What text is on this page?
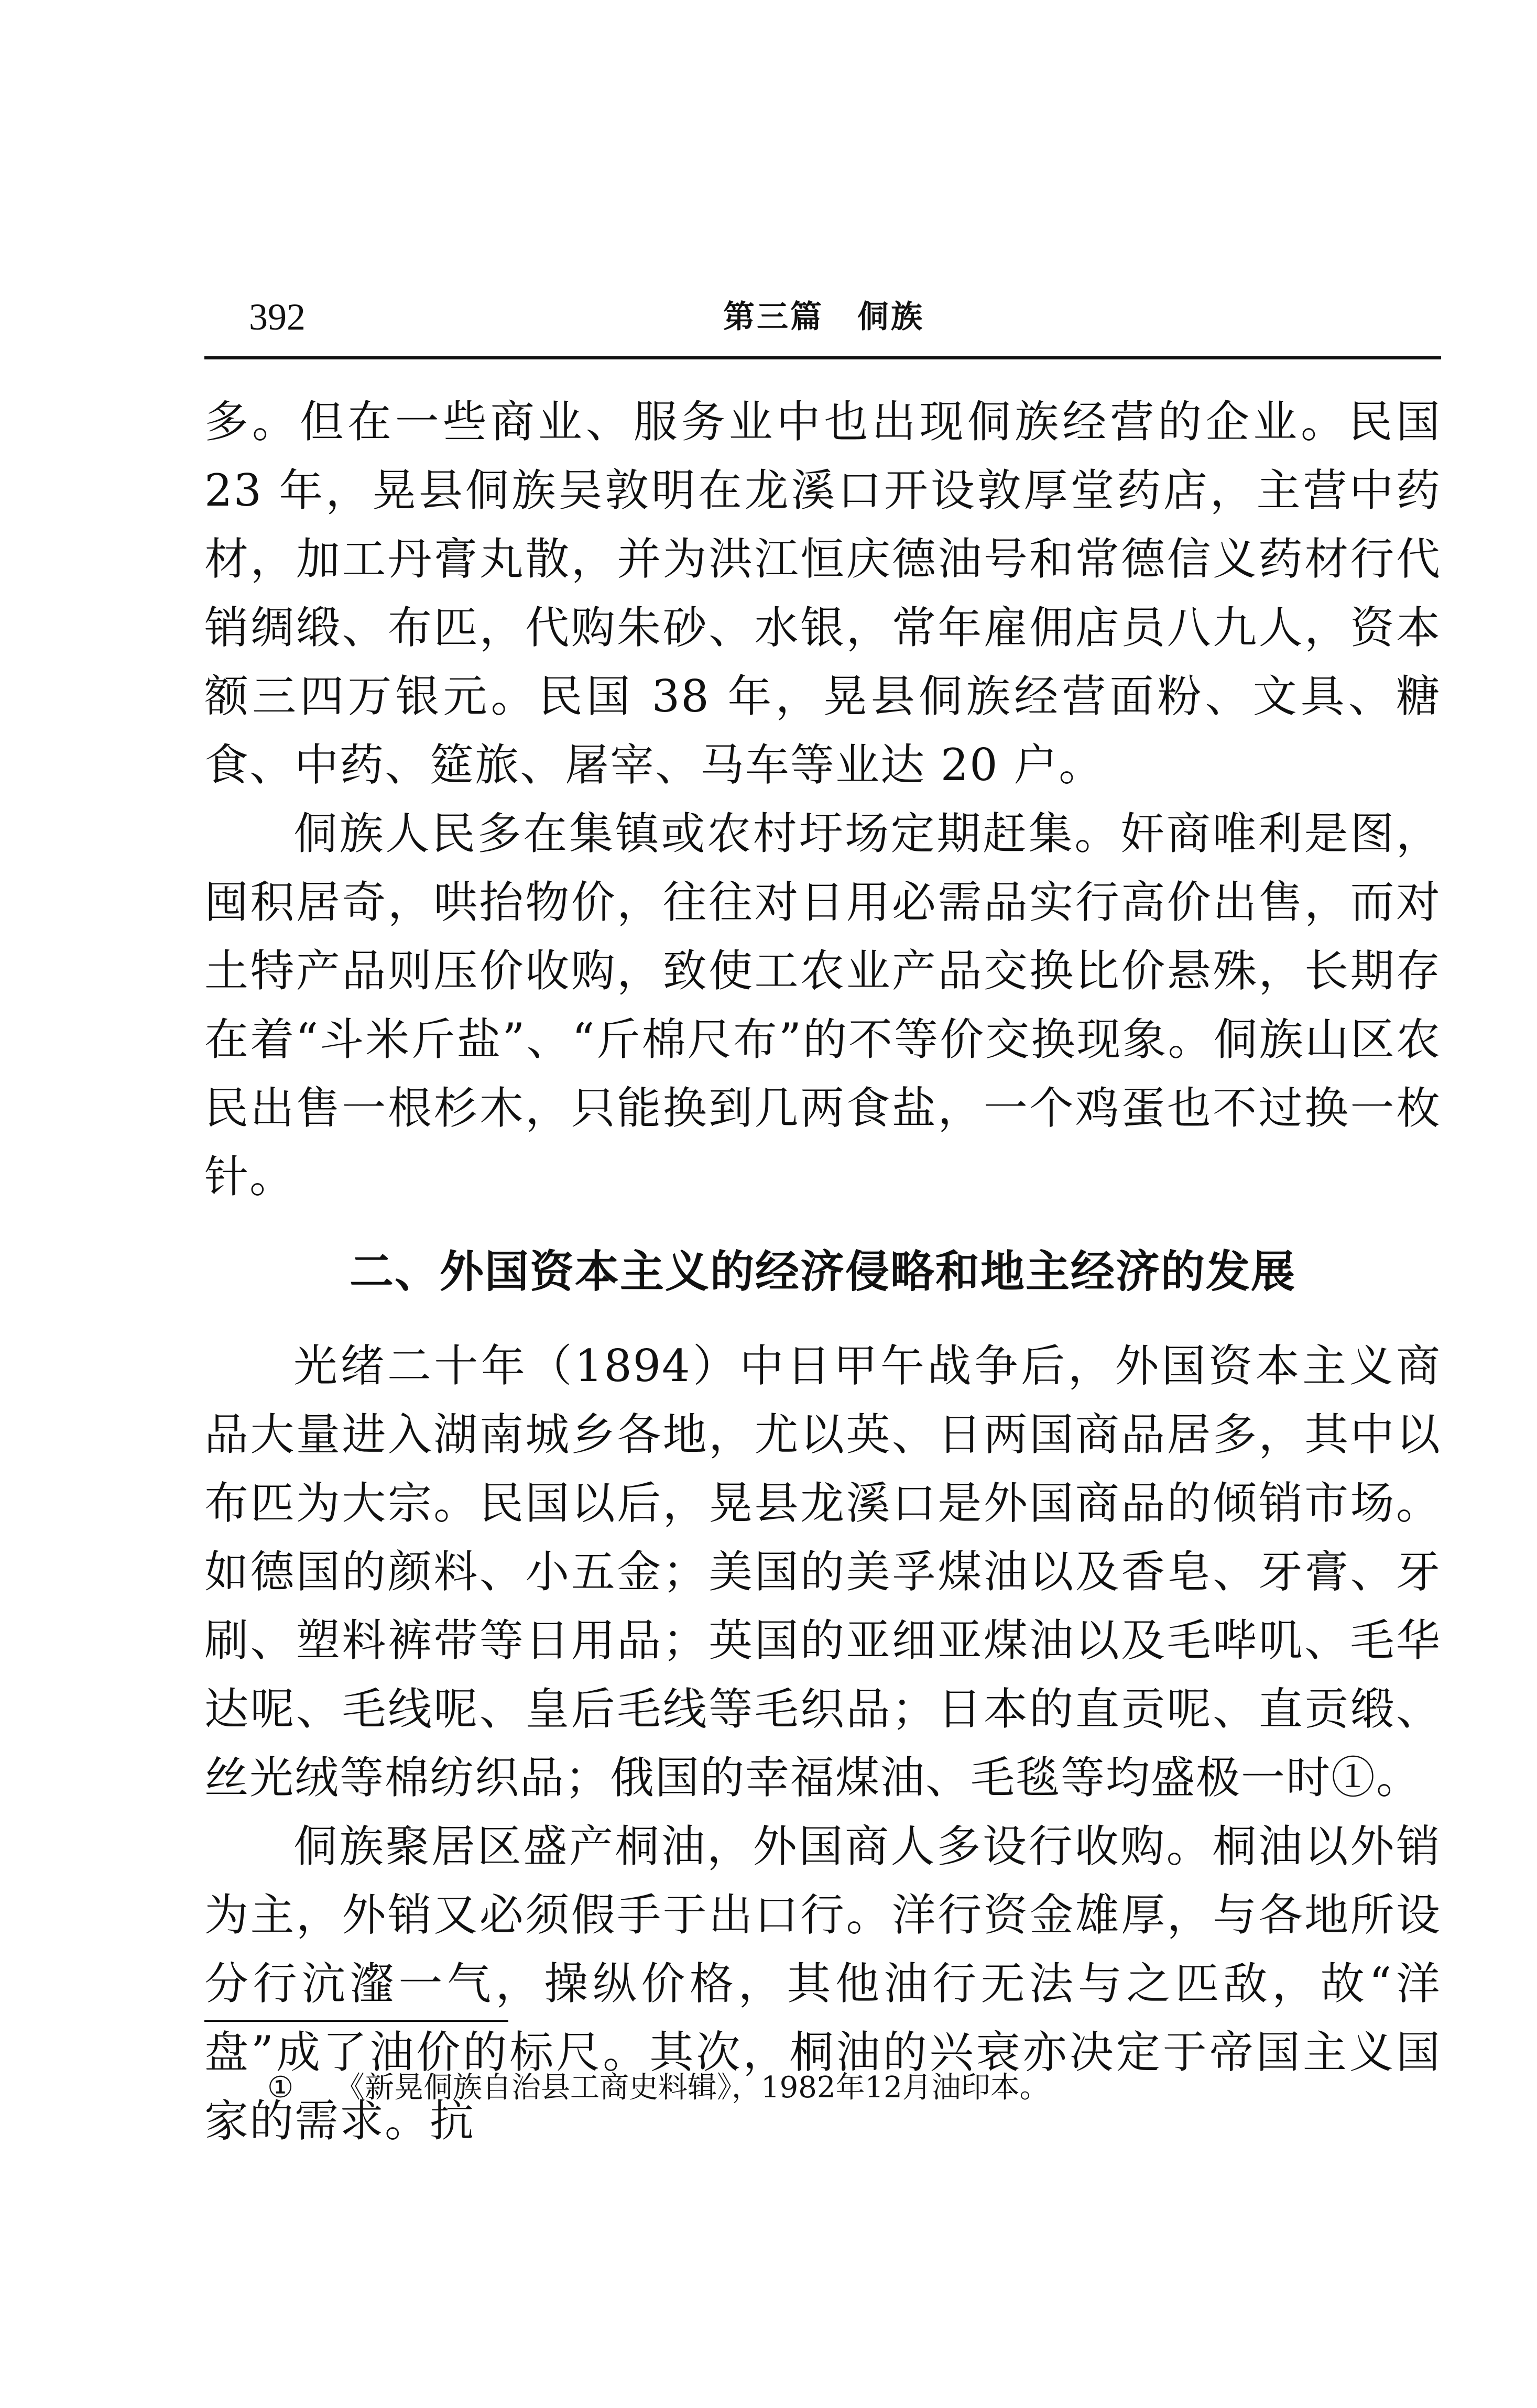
392	第三篇　侗族

多。但在一些商业、服务业中也出现侗族经营的企业。民国 23 年，晃县侗族吴敦明在龙溪口开设敦厚堂药店，主营中药材，加工丹膏丸散，并为洪江恒庆德油号和常德信义药材行代销绸缎、布匹，代购朱砂、水银，常年雇佣店员八九人，资本额三四万银元。民国 38 年，晃县侗族经营面粉、文具、糖食、中药、筵旅、屠宰、马车等业达 20 户。

侗族人民多在集镇或农村圩场定期赶集。奸商唯利是图，囤积居奇，哄抬物价，往往对日用必需品实行高价出售，而对土特产品则压价收购，致使工农业产品交换比价悬殊，长期存在着“斗米斤盐”、“斤棉尺布”的不等价交换现象。侗族山区农民出售一根杉木，只能换到几两食盐，一个鸡蛋也不过换一枚针。

二、外国资本主义的经济侵略和地主经济的发展

光绪二十年（1894）中日甲午战争后，外国资本主义商品大量进入湖南城乡各地，尤以英、日两国商品居多，其中以布匹为大宗。民国以后，晃县龙溪口是外国商品的倾销市场。如德国的颜料、小五金；美国的美孚煤油以及香皂、牙膏、牙刷、塑料裤带等日用品；英国的亚细亚煤油以及毛哔叽、毛华达呢、毛线呢、皇后毛线等毛织品；日本的直贡呢、直贡缎、丝光绒等棉纺织品；俄国的幸福煤油、毛毯等均盛极一时①。

侗族聚居区盛产桐油，外国商人多设行收购。桐油以外销为主，外销又必须假手于出口行。洋行资金雄厚，与各地所设分行沆瀣一气，操纵价格，其他油行无法与之匹敌，故“洋盘”成了油价的标尺。其次，桐油的兴衰亦决定于帝国主义国家的需求。抗

① 《新晃侗族自治县工商史料辑》，1982年12月油印本。
